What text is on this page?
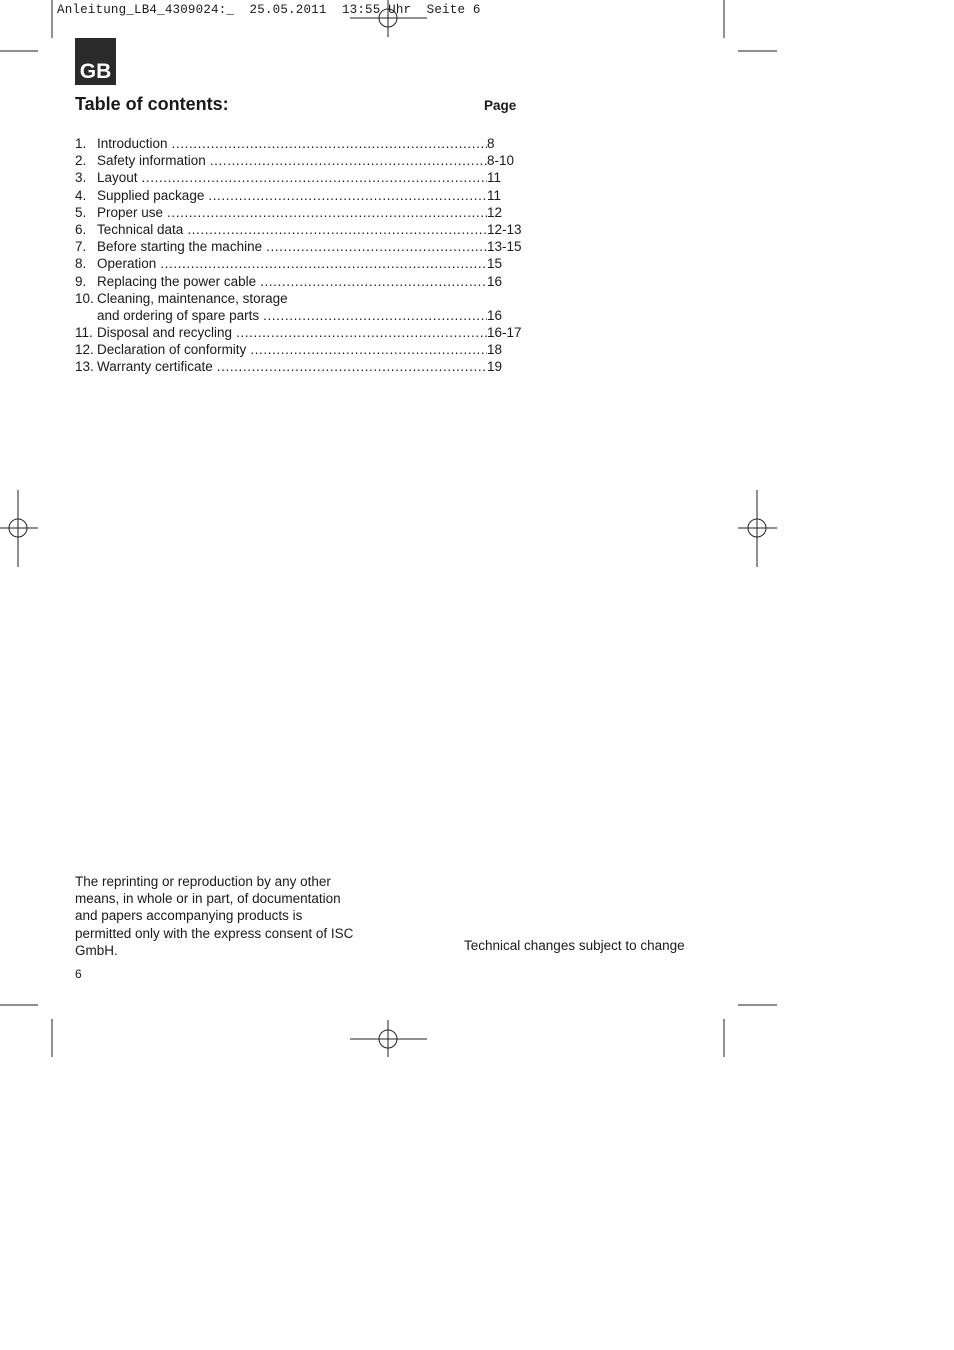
Anleitung_LB4_4309024:_  25.05.2011  13:55 Uhr  Seite 6
GB
Table of contents:	Page
1. Introduction .....	8
2. Safety information .....	8-10
3. Layout .....	11
4. Supplied package .....	11
5. Proper use .....	12
6. Technical data .....	12-13
7. Before starting the machine .....	13-15
8. Operation .....	15
9. Replacing the power cable .....	16
10. Cleaning, maintenance, storage
and ordering of spare parts .....	16
11. Disposal and recycling .....	16-17
12. Declaration of conformity .....	18
13. Warranty certificate .....	19
The reprinting or reproduction by any other
means, in whole or in part, of documentation
and papers accompanying products is
permitted only with the express consent of ISC
GmbH.	Technical changes subject to change
6
